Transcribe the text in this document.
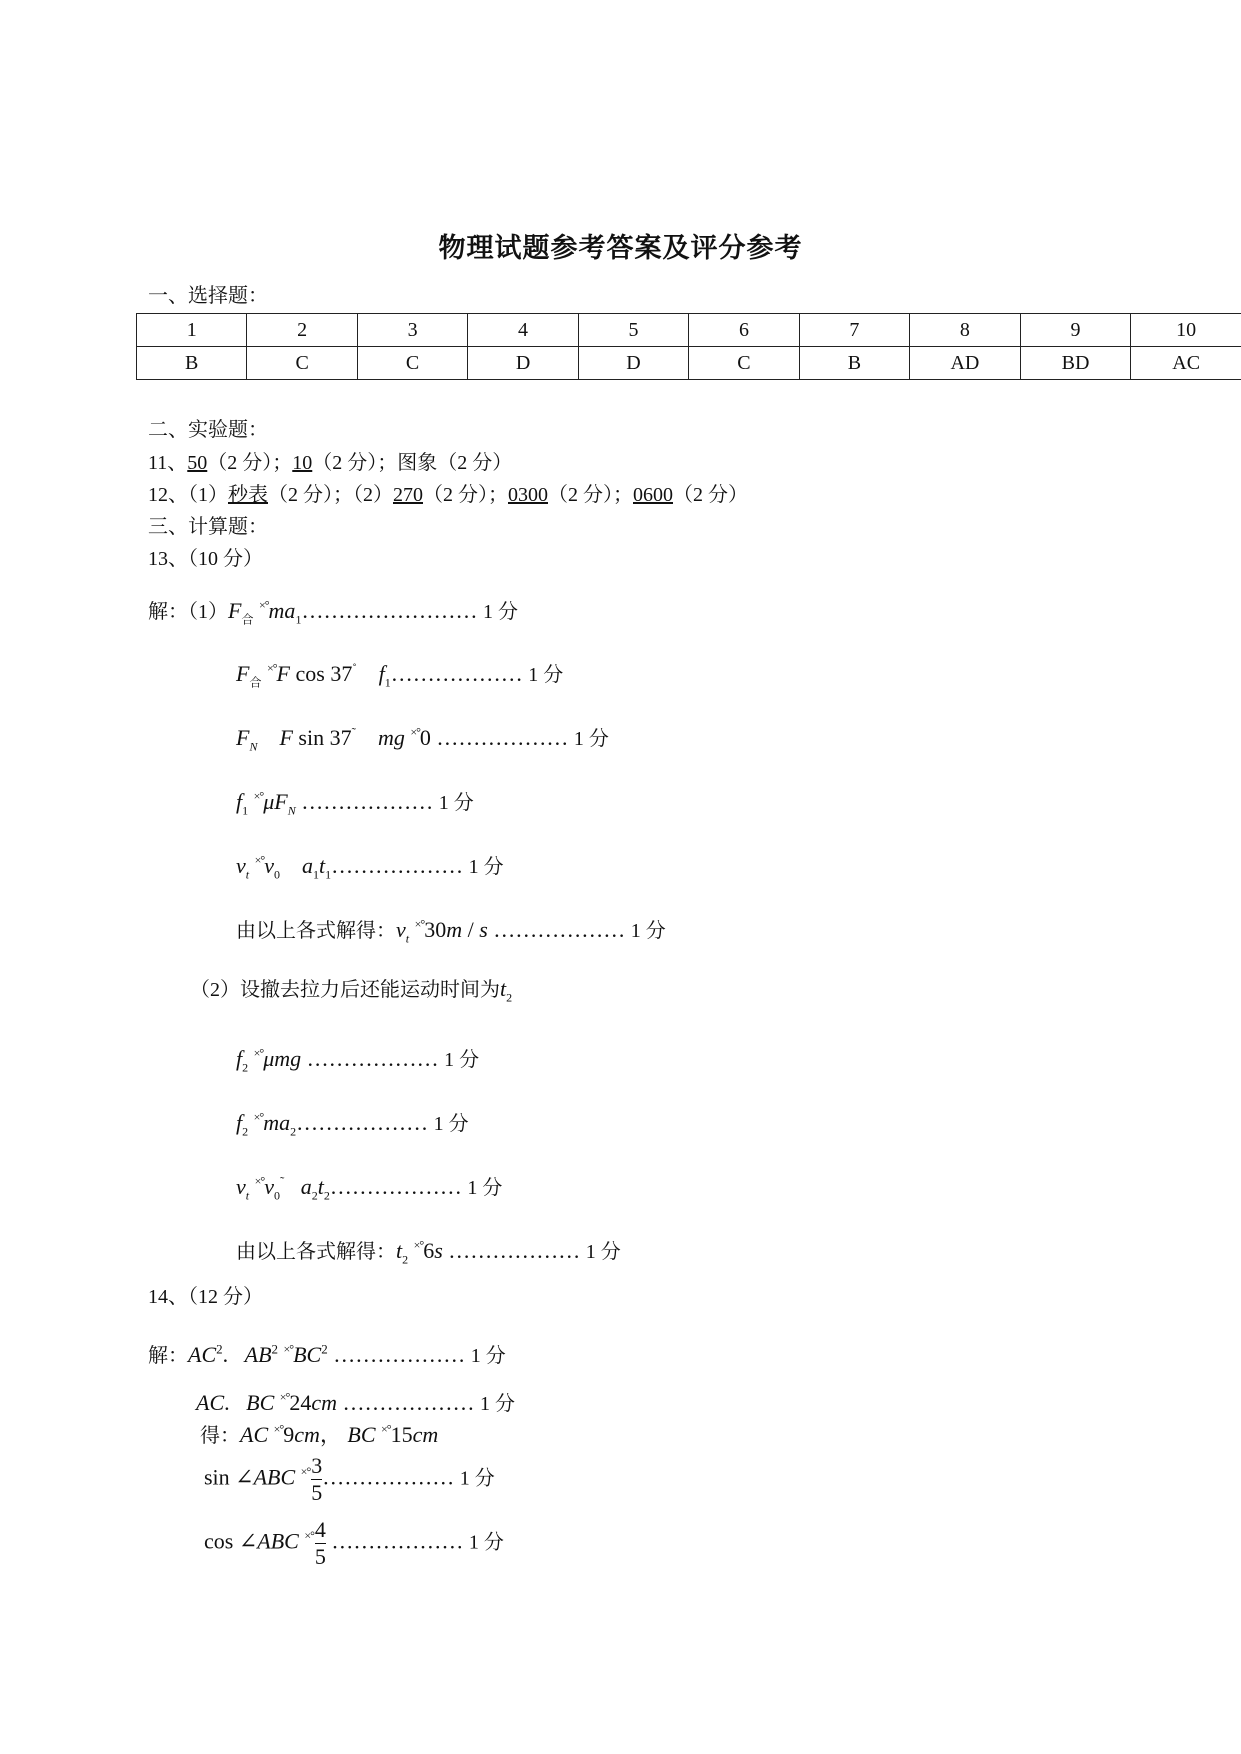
物理试题参考答案及评分参考
一、选择题：
1	2	3	4	5	6	7	8	9	10
B	C	C	D	D	C	B	AD	BD	AC
二、实验题：
11、50（2 分）；10（2 分）；图象（2 分）
12、（1）秒表（2 分）；（2）270（2 分）；0300（2 分）；0600（2 分）
三、计算题：
13、（10 分）
解：$(1)F_合$ $^{\times^\circ}ma_1\dots\dots\dots\dots\dots\dots\dots\dots$ 1 分
$F_合$ ×°F cos 37˚ $f_1\dots\dots\dots\dots\dots\dots$ 1 分
$F_N$ F sin 37˜ mg ×°0 ……………… 1 分
$f_1$ $^{\times^\circ}\mu F_N$ ……………… 1 分
$v_t$ $^{\times^\circ}v_0$ $a_1t_1\dots\dots\dots\dots\dots\dots$ 1 分
由以上各式解得：$v_t$ ×°30m / s ……………… 1 分
（2）设撤去拉力后还能运动时间为$t_2$
$f_2$ ×°μmg ……………… 1 分
$f_2$ $^{\times^\circ}ma_2\dots\dots\dots\dots\dots\dots$ 1 分
$v_t$ $^{\times^\circ}v_0^˜$ $a_2t_2\dots\dots\dots\dots\dots\dots$ 1 分
由以上各式解得：$t_2$ ×°6s ……………… 1 分
14、（12 分）
解：$AC^2$.   $AB^2$ $^{\times^\circ}BC^2$ ……………… 1 分
AC.   BC ×°24cm ……………… 1 分
得：AC ×°9cm， BC ×°15cm
sin ∠ABC $^{\times^\circ} \frac{3}{5}$ ……………… 1 分
cos ∠ABC $^{\times^\circ} \frac{4}{5}$ ……………… 1 分
